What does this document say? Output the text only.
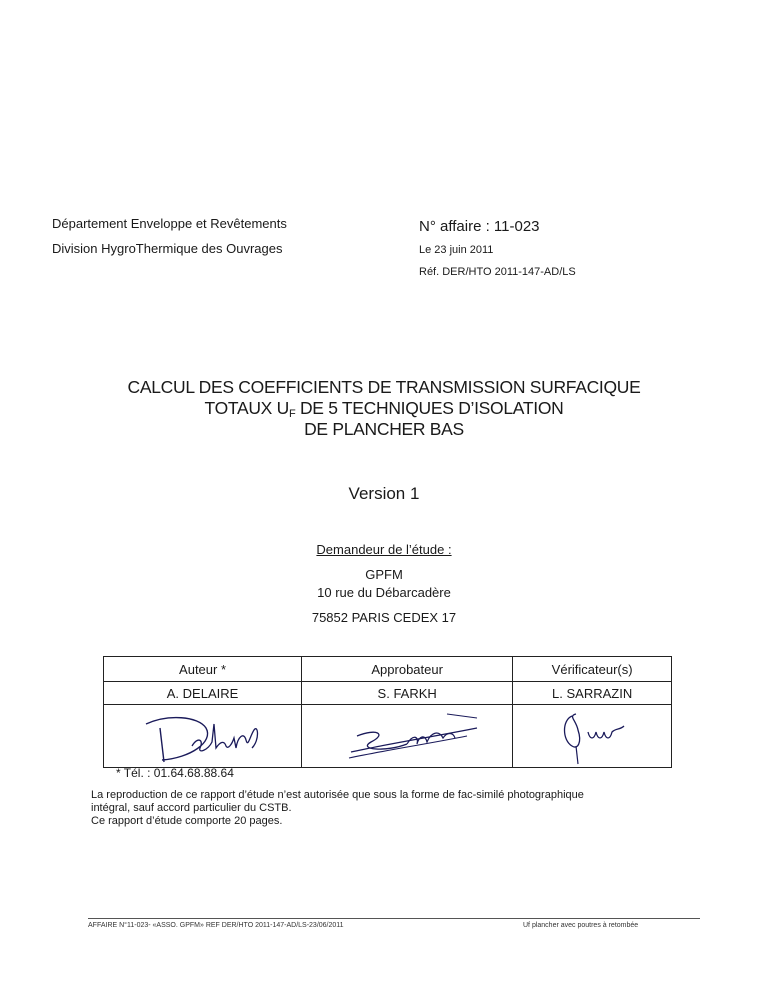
Département Enveloppe et Revêtements
Division HygroThermique des Ouvrages
N° affaire : 11-023
Le 23 juin 2011
Réf. DER/HTO 2011-147-AD/LS
CALCUL DES COEFFICIENTS DE TRANSMISSION SURFACIQUE
TOTAUX $U_F$ DE 5 TECHNIQUES D’ISOLATION
DE PLANCHER BAS
Version 1
Demandeur de l’étude :
GPFM
10 rue du Débarcadère
75852 PARIS CEDEX 17
Auteur *	Approbateur	Vérificateur(s)
A. DELAIRE	S. FARKH	L. SARRAZIN

* Tél. : 01.64.68.88.64
La reproduction de ce rapport d’étude n’est autorisée que sous la forme de fac-similé photographique
intégral, sauf accord particulier du CSTB.
Ce rapport d’étude comporte 20 pages.
AFFAIRE N°11-023- «ASSO. GPFM» REF DER/HTO 2011-147-AD/LS-23/06/2011	Uf plancher avec poutres à retombée
